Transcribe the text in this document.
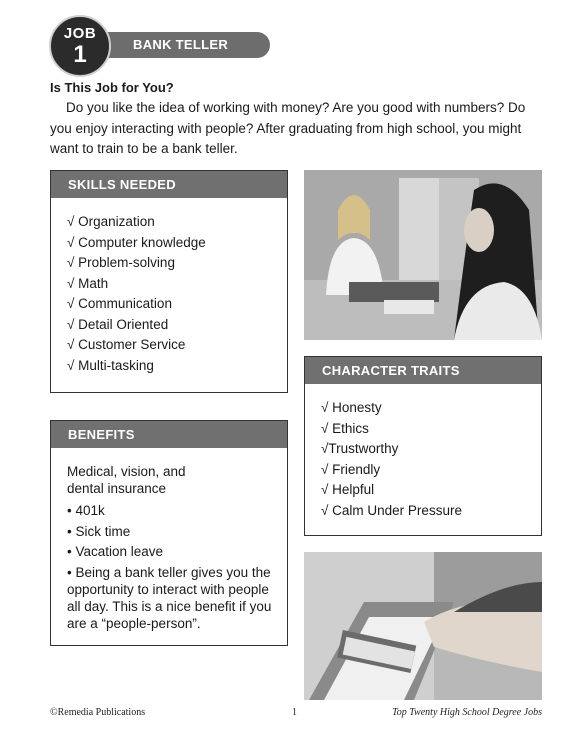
BANK TELLER
JOB
1
Is This Job for You?
Do you like the idea of working with money? Are you good with numbers? Do you enjoy interacting with people? After graduating from high school, you might want to train to be a bank teller.
SKILLS NEEDED
√ Organization
√ Computer knowledge
√ Problem-solving
√ Math
√ Communication
√ Detail Oriented
√ Customer Service
√ Multi-tasking
BENEFITS
Medical, vision, and dental insurance
• 401k
• Sick time
• Vacation leave
• Being a bank teller gives you the opportunity to interact with people all day. This is a nice benefit if you are a “people-person”.
CHARACTER TRAITS
√ Honesty
√ Ethics
√Trustworthy
√ Friendly
√ Helpful
√ Calm Under Pressure
©Remedia Publications	1	Top Twenty High School Degree Jobs
